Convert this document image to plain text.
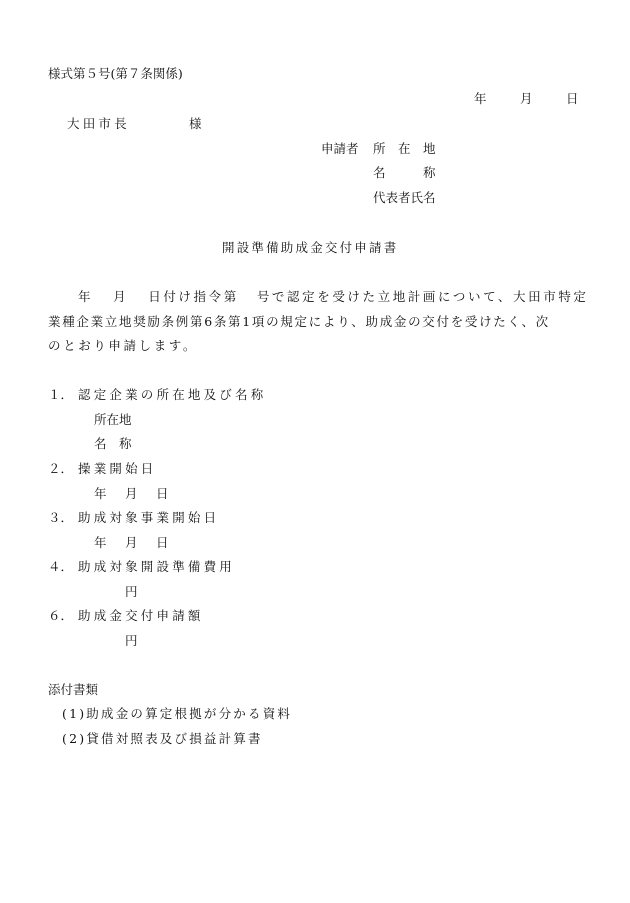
様式第５号(第７条関係)
年	月	日
大田市長	様
申請者 所　在　地
名　　　称
代表者氏名
開設準備助成金交付申請書
年 月 日付け指令第 号で認定を受けた立地計画について、大田市特定
業種企業立地奨励条例第6条第1項の規定により、助成金の交付を受けたく、次
のとおり申請します。
１． 認定企業の所在地及び名称
所在地
名　称
２． 操業開始日
年 月 日
３． 助成対象事業開始日
年 月 日
４． 助成対象開設準備費用
円
６． 助成金交付申請額
円
添付書類
(1)助成金の算定根拠が分かる資料
(2)貸借対照表及び損益計算書
